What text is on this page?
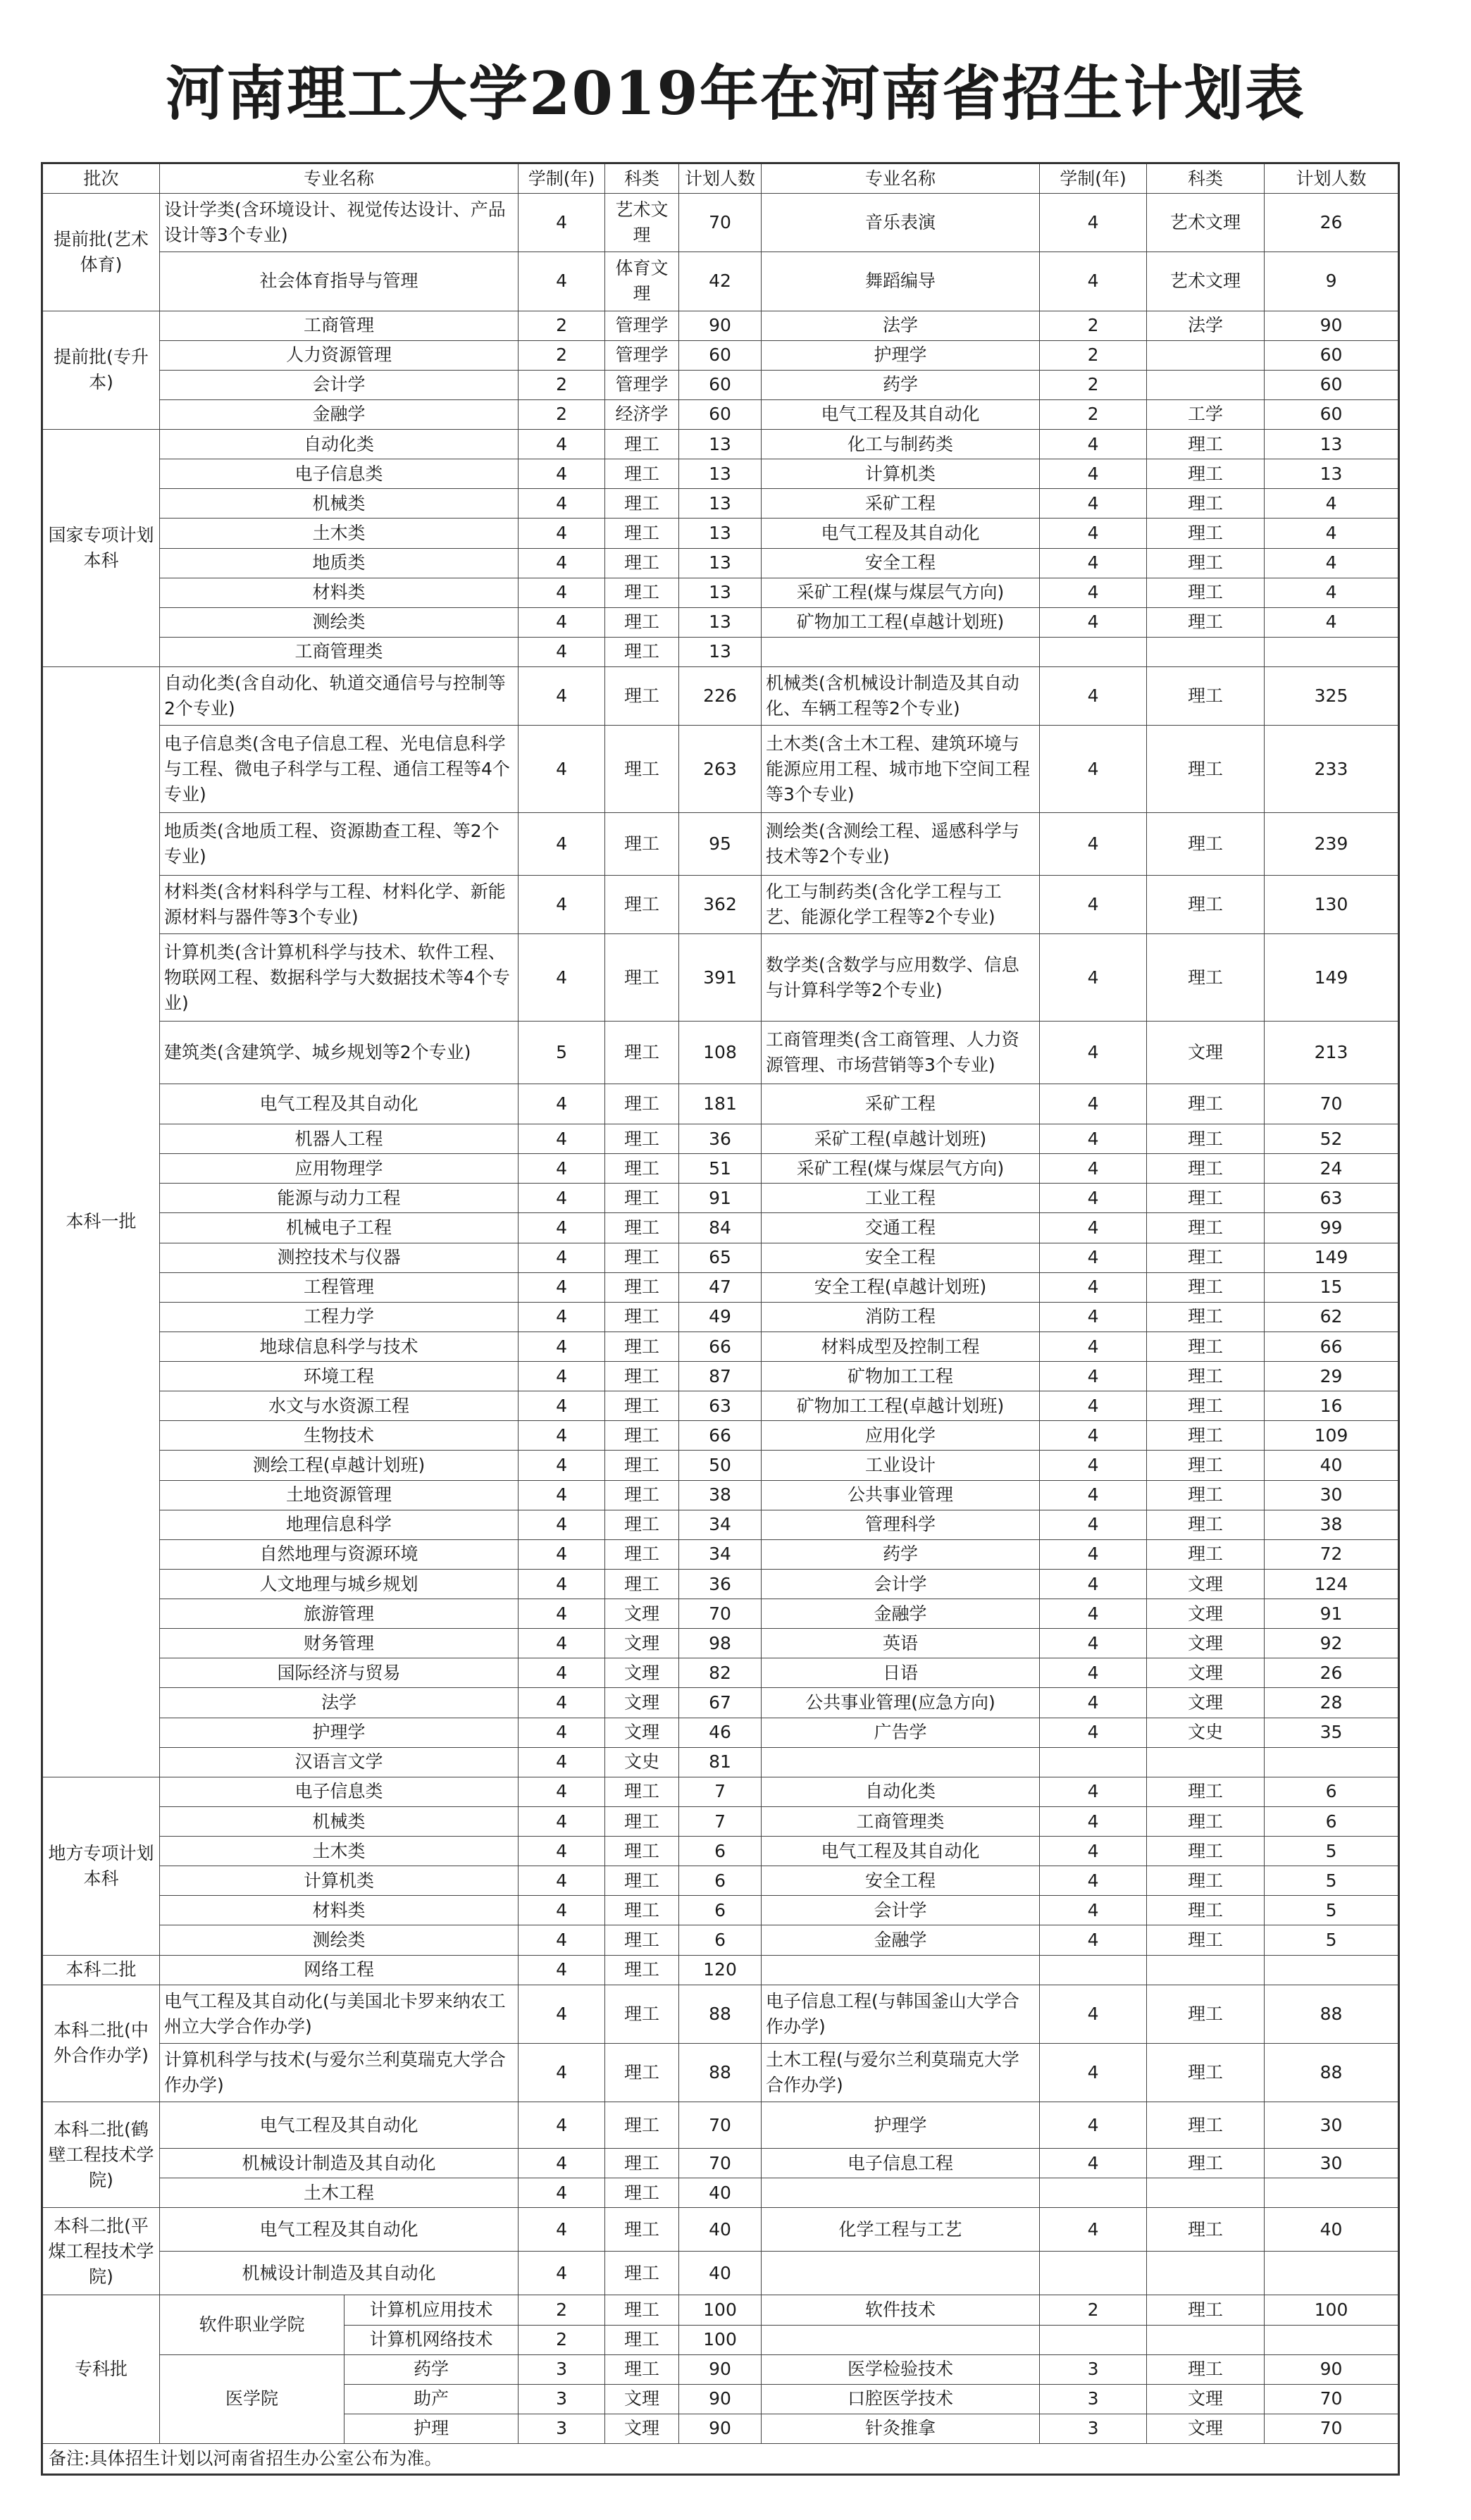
河南理工大学2019年在河南省招生计划表
批次	专业名称		学制(年)	科类	计划人数	专业名称	学制(年)	科类	计划人数
提前批(艺术体育)	设计学类(含环境设计、视觉传达设计、产品设计等3个专业)		4	艺术文理	70	音乐表演	4	艺术文理	26
	社会体育指导与管理		4	体育文理	42	舞蹈编导	4	艺术文理	9
提前批(专升本)	工商管理		2	管理学	90	法学	2	法学	90
	人力资源管理		2	管理学	60	护理学	2		60
	会计学		2	管理学	60	药学	2		60
	金融学		2	经济学	60	电气工程及其自动化	2	工学	60
国家专项计划本科	自动化类		4	理工	13	化工与制药类	4	理工	13
	电子信息类		4	理工	13	计算机类	4	理工	13
	机械类		4	理工	13	采矿工程	4	理工	4
	土木类		4	理工	13	电气工程及其自动化	4	理工	4
	地质类		4	理工	13	安全工程	4	理工	4
	材料类		4	理工	13	采矿工程(煤与煤层气方向)	4	理工	4
	测绘类		4	理工	13	矿物加工工程(卓越计划班)	4	理工	4
	工商管理类		4	理工	13				
本科一批	自动化类(含自动化、轨道交通信号与控制等2个专业)		4	理工	226	机械类(含机械设计制造及其自动化、车辆工程等2个专业)	4	理工	325
	电子信息类(含电子信息工程、光电信息科学与工程、微电子科学与工程、通信工程等4个专业)		4	理工	263	土木类(含土木工程、建筑环境与能源应用工程、城市地下空间工程等3个专业)	4	理工	233
	地质类(含地质工程、资源勘查工程、等2个专业)		4	理工	95	测绘类(含测绘工程、遥感科学与技术等2个专业)	4	理工	239
	材料类(含材料科学与工程、材料化学、新能源材料与器件等3个专业)		4	理工	362	化工与制药类(含化学工程与工艺、能源化学工程等2个专业)	4	理工	130
	计算机类(含计算机科学与技术、软件工程、物联网工程、数据科学与大数据技术等4个专业)		4	理工	391	数学类(含数学与应用数学、信息与计算科学等2个专业)	4	理工	149
	建筑类(含建筑学、城乡规划等2个专业)		5	理工	108	工商管理类(含工商管理、人力资源管理、市场营销等3个专业)	4	文理	213
	电气工程及其自动化		4	理工	181	采矿工程	4	理工	70
	机器人工程		4	理工	36	采矿工程(卓越计划班)	4	理工	52
	应用物理学		4	理工	51	采矿工程(煤与煤层气方向)	4	理工	24
	能源与动力工程		4	理工	91	工业工程	4	理工	63
	机械电子工程		4	理工	84	交通工程	4	理工	99
	测控技术与仪器		4	理工	65	安全工程	4	理工	149
	工程管理		4	理工	47	安全工程(卓越计划班)	4	理工	15
	工程力学		4	理工	49	消防工程	4	理工	62
	地球信息科学与技术		4	理工	66	材料成型及控制工程	4	理工	66
	环境工程		4	理工	87	矿物加工工程	4	理工	29
	水文与水资源工程		4	理工	63	矿物加工工程(卓越计划班)	4	理工	16
	生物技术		4	理工	66	应用化学	4	理工	109
	测绘工程(卓越计划班)		4	理工	50	工业设计	4	理工	40
	土地资源管理		4	理工	38	公共事业管理	4	理工	30
	地理信息科学		4	理工	34	管理科学	4	理工	38
	自然地理与资源环境		4	理工	34	药学	4	理工	72
	人文地理与城乡规划		4	理工	36	会计学	4	文理	124
	旅游管理		4	文理	70	金融学	4	文理	91
	财务管理		4	文理	98	英语	4	文理	92
	国际经济与贸易		4	文理	82	日语	4	文理	26
	法学		4	文理	67	公共事业管理(应急方向)	4	文理	28
	护理学		4	文理	46	广告学	4	文史	35
	汉语言文学		4	文史	81				
地方专项计划本科	电子信息类		4	理工	7	自动化类	4	理工	6
	机械类		4	理工	7	工商管理类	4	理工	6
	土木类		4	理工	6	电气工程及其自动化	4	理工	5
	计算机类		4	理工	6	安全工程	4	理工	5
	材料类		4	理工	6	会计学	4	理工	5
	测绘类		4	理工	6	金融学	4	理工	5
本科二批	网络工程		4	理工	120				
本科二批(中外合作办学)	电气工程及其自动化(与美国北卡罗来纳农工州立大学合作办学)		4	理工	88	电子信息工程(与韩国釜山大学合作办学)	4	理工	88
	计算机科学与技术(与爱尔兰利莫瑞克大学合作办学)		4	理工	88	土木工程(与爱尔兰利莫瑞克大学合作办学)	4	理工	88
本科二批(鹤壁工程技术学院)	电气工程及其自动化		4	理工	70	护理学	4	理工	30
	机械设计制造及其自动化		4	理工	70	电子信息工程	4	理工	30
	土木工程		4	理工	40				
本科二批(平煤工程技术学院)	电气工程及其自动化		4	理工	40	化学工程与工艺	4	理工	40
	机械设计制造及其自动化		4	理工	40				
专科批	软件职业学院	计算机应用技术	2	理工	100	软件技术	2	理工	100
		计算机网络技术	2	理工	100				
	医学院	药学	3	理工	90	医学检验技术	3	理工	90
		助产	3	文理	90	口腔医学技术	3	文理	70
		护理	3	文理	90	针灸推拿	3	文理	70
备注:具体招生计划以河南省招生办公室公布为准。									
